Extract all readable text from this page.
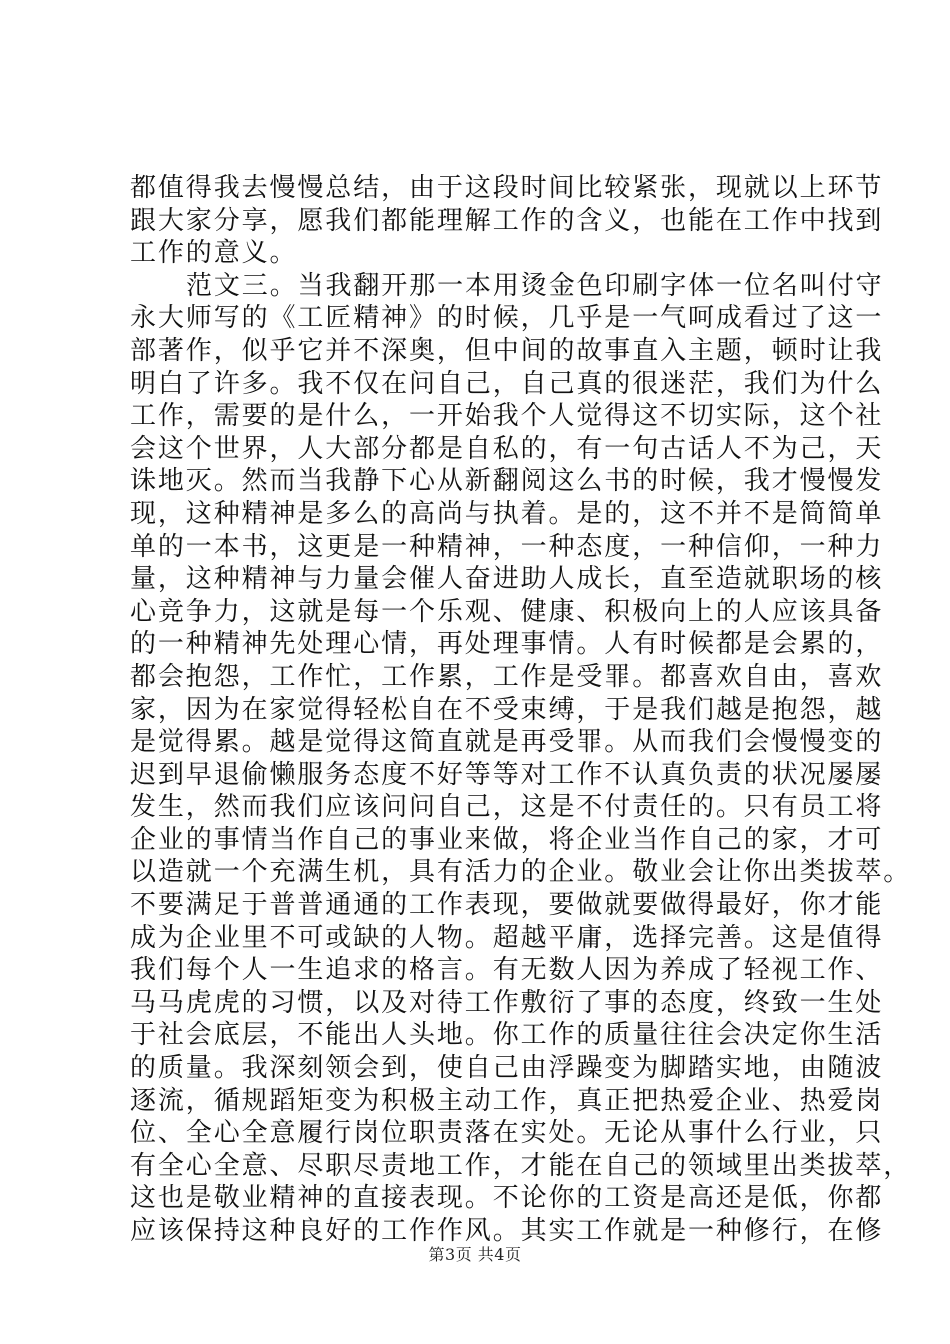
都值得我去慢慢总结，由于这段时间比较紧张，现就以上环节
跟大家分享，愿我们都能理解工作的含义，也能在工作中找到
工作的意义。
范文三。当我翻开那一本用烫金色印刷字体一位名叫付守
永大师写的《工匠精神》的时候，几乎是一气呵成看过了这一
部著作，似乎它并不深奥，但中间的故事直入主题，顿时让我
明白了许多。我不仅在问自己，自己真的很迷茫，我们为什么
工作，需要的是什么，一开始我个人觉得这不切实际，这个社
会这个世界，人大部分都是自私的，有一句古话人不为己，天
诛地灭。然而当我静下心从新翻阅这么书的时候，我才慢慢发
现，这种精神是多么的高尚与执着。是的，这不并不是简简单
单的一本书，这更是一种精神，一种态度，一种信仰，一种力
量，这种精神与力量会催人奋进助人成长，直至造就职场的核
心竞争力，这就是每一个乐观、健康、积极向上的人应该具备
的一种精神先处理心情，再处理事情。人有时候都是会累的，
都会抱怨，工作忙，工作累，工作是受罪。都喜欢自由，喜欢
家，因为在家觉得轻松自在不受束缚，于是我们越是抱怨，越
是觉得累。越是觉得这简直就是再受罪。从而我们会慢慢变的
迟到早退偷懒服务态度不好等等对工作不认真负责的状况屡屡
发生，然而我们应该问问自己，这是不付责任的。只有员工将
企业的事情当作自己的事业来做，将企业当作自己的家，才可
以造就一个充满生机，具有活力的企业。敬业会让你出类拔萃。
不要满足于普普通通的工作表现，要做就要做得最好，你才能
成为企业里不可或缺的人物。超越平庸，选择完善。这是值得
我们每个人一生追求的格言。有无数人因为养成了轻视工作、
马马虎虎的习惯，以及对待工作敷衍了事的态度，终致一生处
于社会底层，不能出人头地。你工作的质量往往会决定你生活
的质量。我深刻领会到，使自己由浮躁变为脚踏实地，由随波
逐流，循规蹈矩变为积极主动工作，真正把热爱企业、热爱岗
位、全心全意履行岗位职责落在实处。无论从事什么行业，只
有全心全意、尽职尽责地工作，才能在自己的领域里出类拔萃，
这也是敬业精神的直接表现。不论你的工资是高还是低，你都
应该保持这种良好的工作作风。其实工作就是一种修行，在修
第3页 共4页
